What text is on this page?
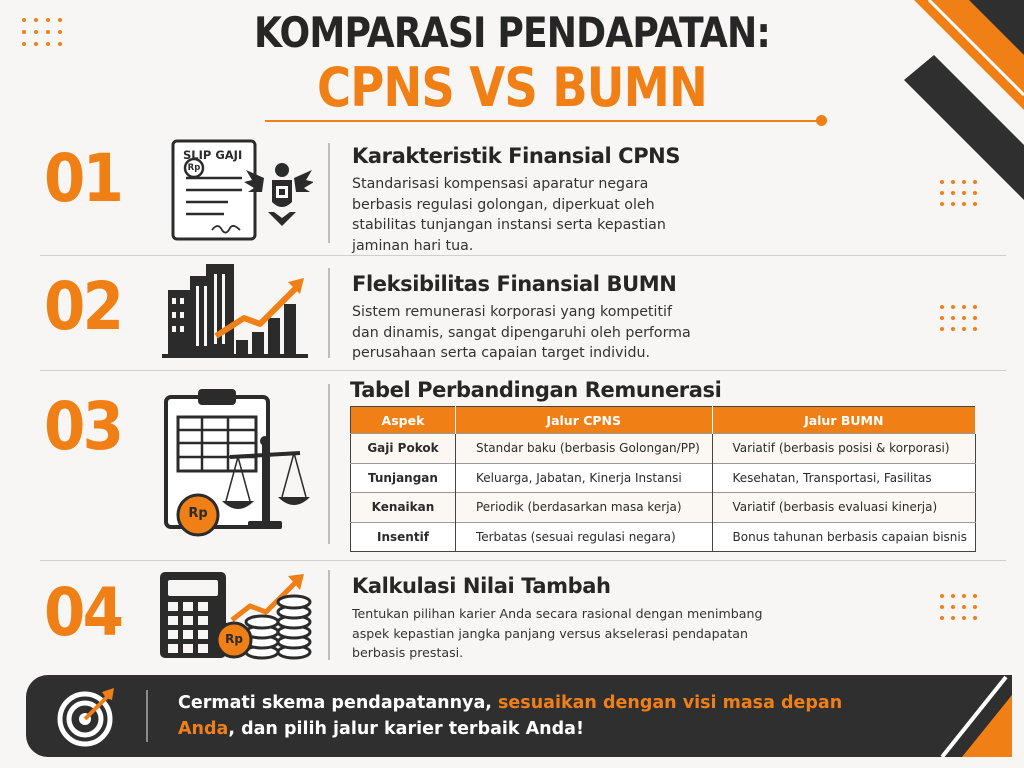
KOMPARASI PENDAPATAN:
CPNS VS BUMN
01	SLIP GAJI
Rp	Karakteristik Finansial CPNS
Standarisasi kompensasi aparatur negara
berbasis regulasi golongan, diperkuat oleh
stabilitas tunjangan instansi serta kepastian
jaminan hari tua.
02	Fleksibilitas Finansial BUMN
Sistem remunerasi korporasi yang kompetitif
dan dinamis, sangat dipengaruhi oleh performa
perusahaan serta capaian target individu.
03
Rp
Tabel Perbandingan Remunerasi
Aspek	Jalur CPNS	Jalur BUMN
Gaji Pokok	Standar baku (berbasis Golongan/PP)	Variatif (berbasis posisi & korporasi)
Tunjangan	Keluarga, Jabatan, Kinerja Instansi	Kesehatan, Transportasi, Fasilitas
Kenaikan	Periodik (berdasarkan masa kerja)	Variatif (berbasis evaluasi kinerja)
Insentif	Terbatas (sesuai regulasi negara)	Bonus tahunan berbasis capaian bisnis
04	Rp
Kalkulasi Nilai Tambah
Tentukan pilihan karier Anda secara rasional dengan menimbang
aspek kepastian jangka panjang versus akselerasi pendapatan
berbasis prestasi.
Cermati skema pendapatannya, sesuaikan dengan visi masa depan Anda, dan pilih jalur karier terbaik Anda!
